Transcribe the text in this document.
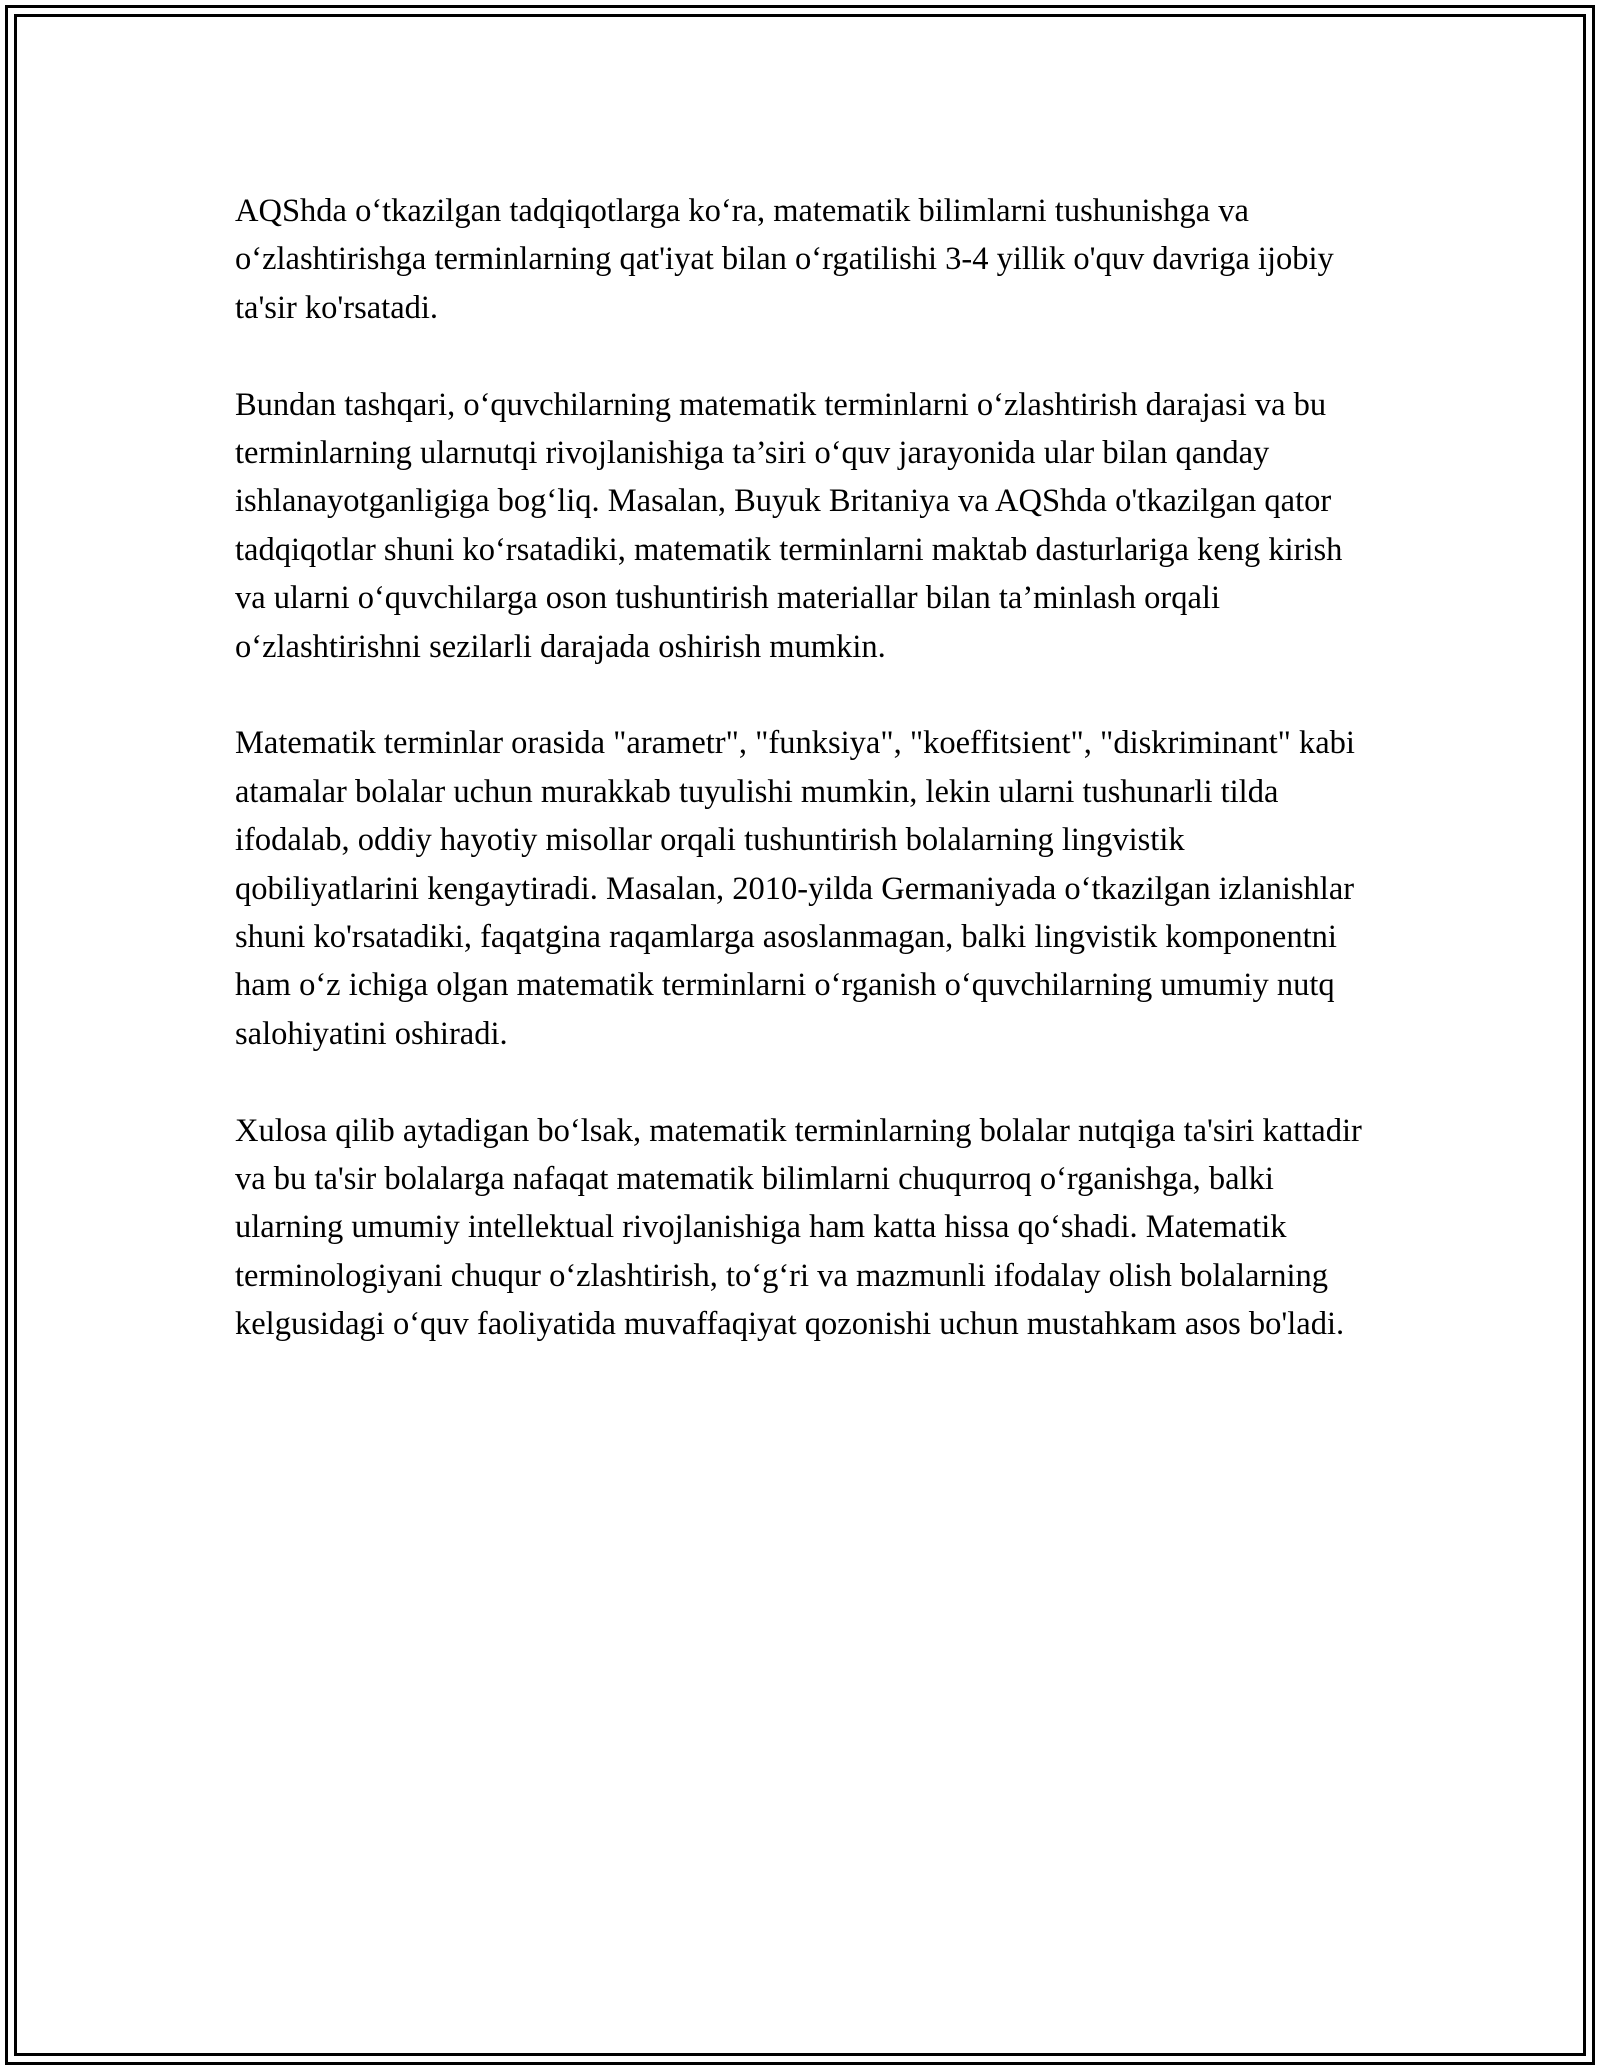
AQShda o‘tkazilgan tadqiqotlarga ko‘ra, matematik bilimlarni tushunishga va o‘zlashtirishga terminlarning qat'iyat bilan o‘rgatilishi 3-4 yillik o'quv davriga ijobiy ta'sir ko'rsatadi.

Bundan tashqari, o‘quvchilarning matematik terminlarni o‘zlashtirish darajasi va bu terminlarning ularnutqi rivojlanishiga ta’siri o‘quv jarayonida ular bilan qanday ishlanayotganligiga bog‘liq. Masalan, Buyuk Britaniya va AQShda o'tkazilgan qator tadqiqotlar shuni ko‘rsatadiki, matematik terminlarni maktab dasturlariga keng kirish va ularni o‘quvchilarga oson tushuntirish materiallar bilan ta’minlash orqali o‘zlashtirishni sezilarli darajada oshirish mumkin.

Matematik terminlar orasida "arametr", "funksiya", "koeffitsient", "diskriminant" kabi atamalar bolalar uchun murakkab tuyulishi mumkin, lekin ularni tushunarli tilda ifodalab, oddiy hayotiy misollar orqali tushuntirish bolalarning lingvistik qobiliyatlarini kengaytiradi. Masalan, 2010-yilda Germaniyada o‘tkazilgan izlanishlar shuni ko'rsatadiki, faqatgina raqamlarga asoslanmagan, balki lingvistik komponentni ham o‘z ichiga olgan matematik terminlarni o‘rganish o‘quvchilarning umumiy nutq salohiyatini oshiradi.

Xulosa qilib aytadigan bo‘lsak, matematik terminlarning bolalar nutqiga ta'siri kattadir va bu ta'sir bolalarga nafaqat matematik bilimlarni chuqurroq o‘rganishga, balki ularning umumiy intellektual rivojlanishiga ham katta hissa qo‘shadi. Matematik terminologiyani chuqur o‘zlashtirish, to‘g‘ri va mazmunli ifodalay olish bolalarning kelgusidagi o‘quv faoliyatida muvaffaqiyat qozonishi uchun mustahkam asos bo'ladi.
